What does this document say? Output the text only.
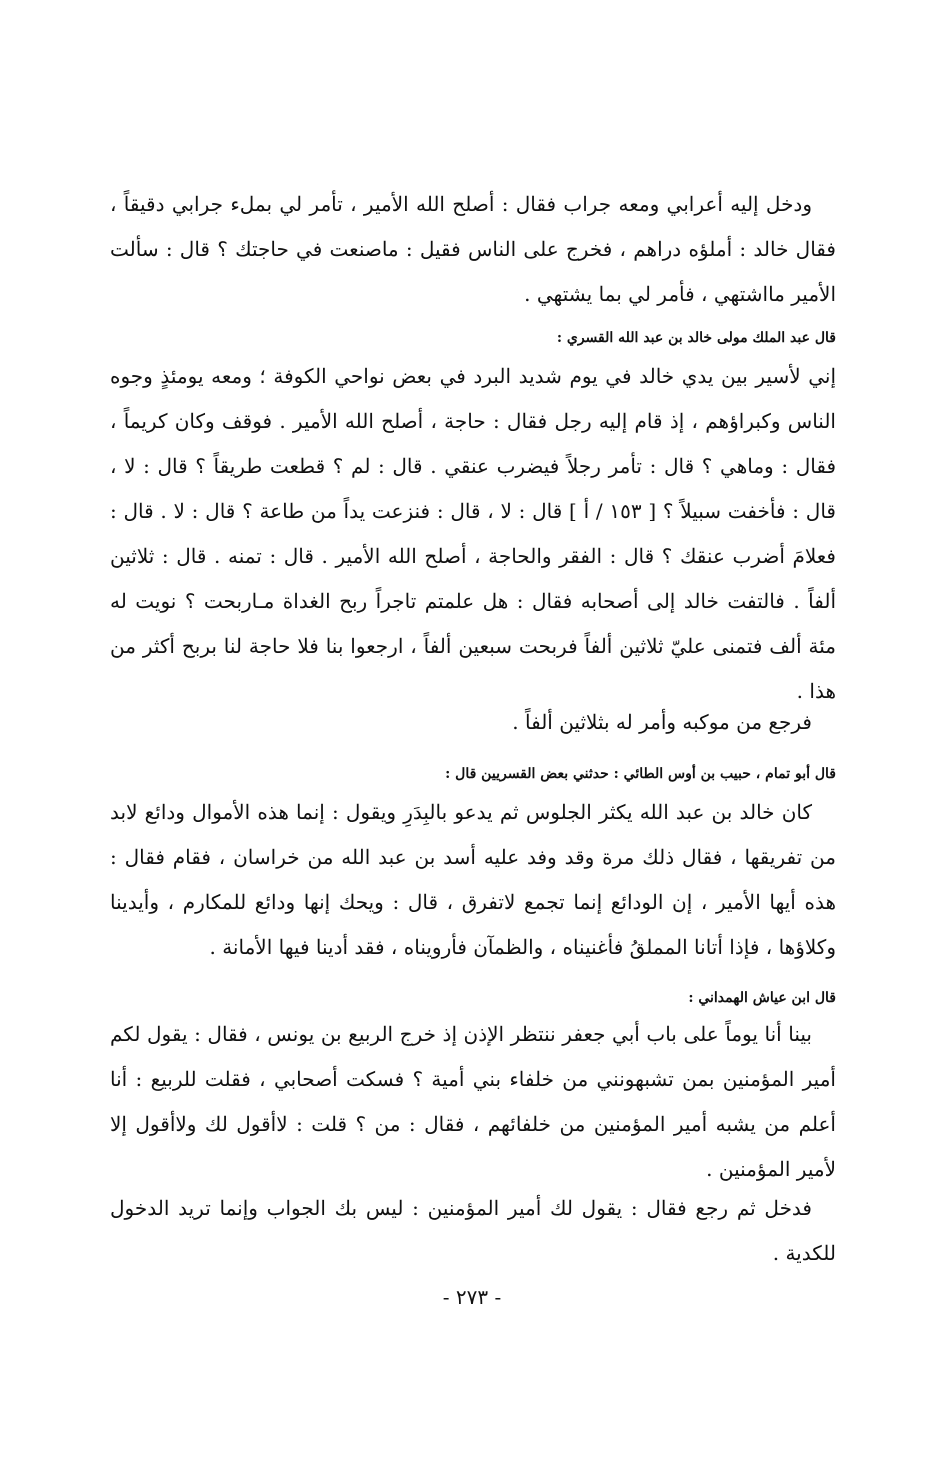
ودخل إليه أعرابي ومعه جراب فقال : أصلح الله الأمير ، تأمر لي بملء جرابي دقيقاً ، فقال خالد : أملؤه دراهم ، فخرج على الناس فقيل : ماصنعت في حاجتك ؟ قال : سألت الأمير مااشتهي ، فأمر لي بما يشتهي .

قال عبد الملك مولى خالد بن عبد الله القسري :

إني لأسير بين يدي خالد في يوم شديد البرد في بعض نواحي الكوفة ؛ ومعه يومئذٍ وجوه الناس وكبراؤهم ، إذ قام إليه رجل فقال : حاجة ، أصلح الله الأمير . فوقف وكان كريماً ، فقال : وماهي ؟ قال : تأمر رجلاً فيضرب عنقي . قال : لم ؟ قطعت طريقاً ؟ قال : لا ، قال : فأخفت سبيلاً ؟ [ ١٥٣ / أ ] قال : لا ، قال : فنزعت يداً من طاعة ؟ قال : لا . قال : فعلامَ أضرب عنقك ؟ قال : الفقر والحاجة ، أصلح الله الأمير . قال : تمنه . قال : ثلاثين ألفاً . فالتفت خالد إلى أصحابه فقال : هل علمتم تاجراً ربح الغداة مـاربحت ؟ نويت له مئة ألف فتمنى عليّ ثلاثين ألفاً فربحت سبعين ألفاً ، ارجعوا بنا فلا حاجة لنا بربح أكثر من هذا .

فرجع من موكبه وأمر له بثلاثين ألفاً .

قال أبو تمام ، حبيب بن أوس الطائي : حدثني بعض القسريين قال :

كان خالد بن عبد الله يكثر الجلوس ثم يدعو بالبِدَرِ ويقول : إنما هذه الأموال ودائع لابد من تفريقها ، فقال ذلك مرة وقد وفد عليه أسد بن عبد الله من خراسان ، فقام فقال : هذه أيها الأمير ، إن الودائع إنما تجمع لاتفرق ، قال : ويحك إنها ودائع للمكارم ، وأيدينا وكلاؤها ، فإذا أتانا المملقُ فأغنيناه ، والظمآن فأرويناه ، فقد أدينا فيها الأمانة .

قال ابن عياش الهمداني :

بينا أنا يوماً على باب أبي جعفر ننتظر الإذن إذ خرج الربيع بن يونس ، فقال : يقول لكم أمير المؤمنين بمن تشبهونني من خلفاء بني أمية ؟ فسكت أصحابي ، فقلت للربيع : أنا أعلم من يشبه أمير المؤمنين من خلفائهم ، فقال : من ؟ قلت : لاأقول لك ولاأقول إلا لأمير المؤمنين .

فدخل ثم رجع فقال : يقول لك أمير المؤمنين : ليس بك الجواب وإنما تريد الدخول للكدية .

- ٢٧٣ -
